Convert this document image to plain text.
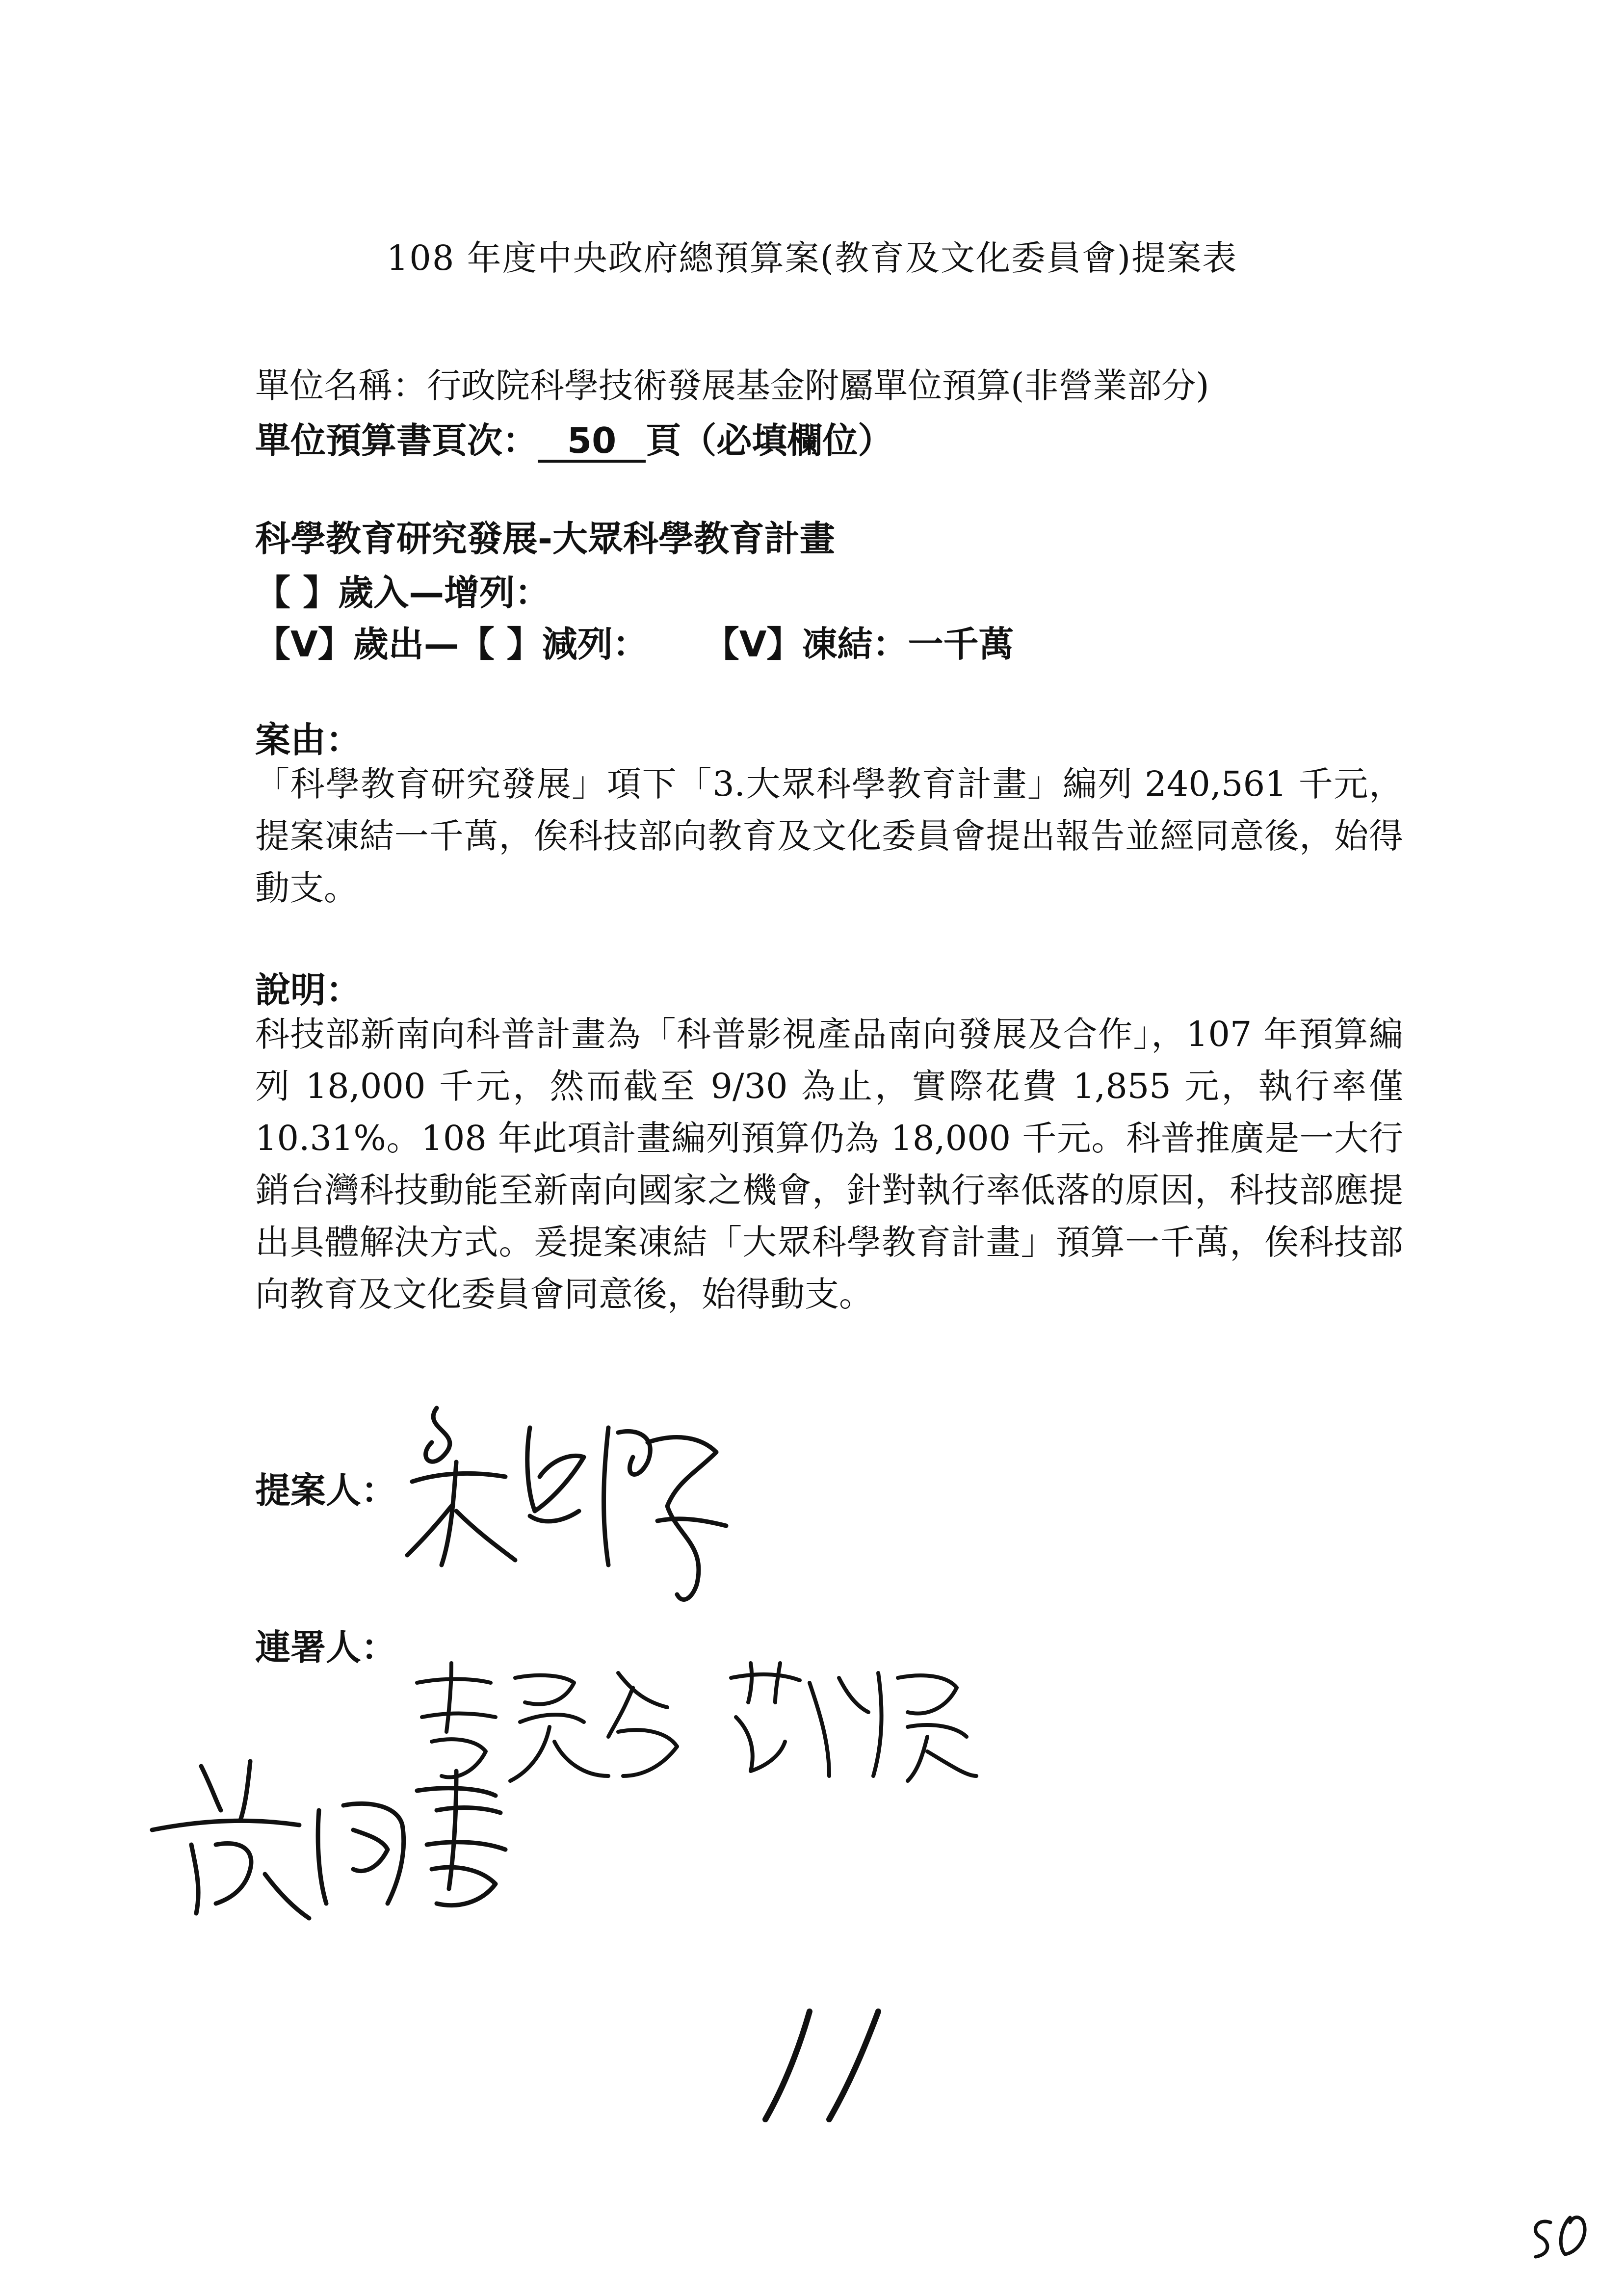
108 年度中央政府總預算案(教育及文化委員會)提案表
單位名稱：行政院科學技術發展基金附屬單位預算(非營業部分)
單位預算書頁次： 50 頁（必填欄位）
科學教育研究發展-大眾科學教育計畫
【 】歲入—增列：
【V】歲出—【 】減列： 【V】凍結：一千萬
案由：
「科學教育研究發展」項下「3.大眾科學教育計畫」編列 240,561 千元，提案凍結一千萬，俟科技部向教育及文化委員會提出報告並經同意後，始得動支。
說明：
科技部新南向科普計畫為「科普影視產品南向發展及合作」，107 年預算編列 18,000 千元，然而截至 9/30 為止，實際花費 1,855 元，執行率僅 10.31%。108 年此項計畫編列預算仍為 18,000 千元。科普推廣是一大行銷台灣科技動能至新南向國家之機會，針對執行率低落的原因，科技部應提出具體解決方式。爰提案凍結「大眾科學教育計畫」預算一千萬，俟科技部向教育及文化委員會同意後，始得動支。
提案人：
連署人：
